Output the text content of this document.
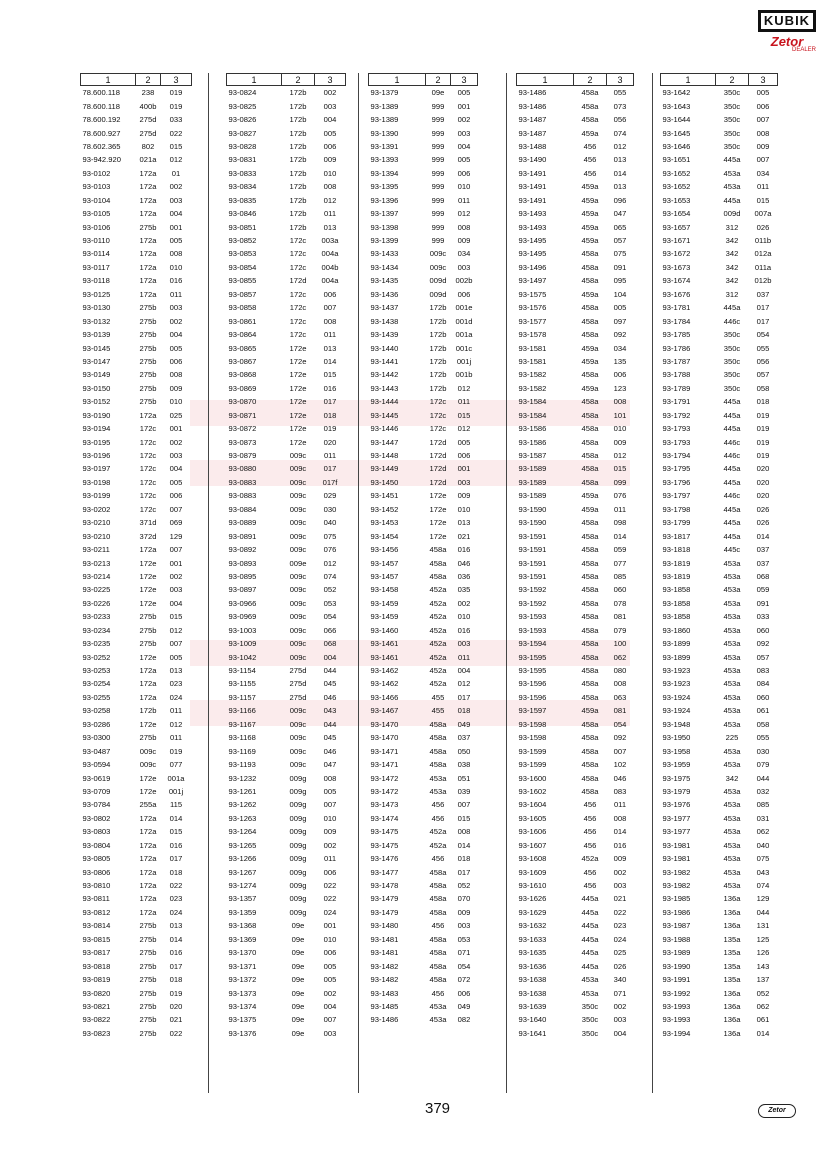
KUBIK
Zetor
DEALER
1	2	3
78.600.118	238	019
78.600.118	400b	019
78.600.192	275d	033
78.600.927	275d	022
78.602.365	802	015
93-942.920	021a	012
93-0102	172a	01
93-0103	172a	002
93-0104	172a	003
93-0105	172a	004
93-0106	275b	001
93-0110	172a	005
93-0114	172a	008
93-0117	172a	010
93-0118	172a	016
93-0125	172a	011
93-0130	275b	003
93-0132	275b	002
93-0139	275b	004
93-0145	275b	005
93-0147	275b	006
93-0149	275b	008
93-0150	275b	009
93-0152	275b	010
93-0190	172a	025
93-0194	172c	001
93-0195	172c	002
93-0196	172c	003
93-0197	172c	004
93-0198	172c	005
93-0199	172c	006
93-0202	172c	007
93-0210	371d	069
93-0210	372d	129
93-0211	172a	007
93-0213	172e	001
93-0214	172e	002
93-0225	172e	003
93-0226	172e	004
93-0233	275b	015
93-0234	275b	012
93-0235	275b	007
93-0252	172e	005
93-0253	172a	013
93-0254	172a	023
93-0255	172a	024
93-0258	172b	011
93-0286	172e	012
93-0300	275b	011
93-0487	009c	019
93-0594	009c	077
93-0619	172e	001a
93-0709	172e	001j
93-0784	255a	115
93-0802	172a	014
93-0803	172a	015
93-0804	172a	016
93-0805	172a	017
93-0806	172a	018
93-0810	172a	022
93-0811	172a	023
93-0812	172a	024
93-0814	275b	013
93-0815	275b	014
93-0817	275b	016
93-0818	275b	017
93-0819	275b	018
93-0820	275b	019
93-0821	275b	020
93-0822	275b	021
93-0823	275b	022
1	2	3
93-0824	172b	002
93-0825	172b	003
93-0826	172b	004
93-0827	172b	005
93-0828	172b	006
93-0831	172b	009
93-0833	172b	010
93-0834	172b	008
93-0835	172b	012
93-0846	172b	011
93-0851	172b	013
93-0852	172c	003a
93-0853	172c	004a
93-0854	172c	004b
93-0855	172d	004a
93-0857	172c	006
93-0858	172c	007
93-0861	172c	008
93-0864	172c	011
93-0865	172e	013
93-0867	172e	014
93-0868	172e	015
93-0869	172e	016
93-0870	172e	017
93-0871	172e	018
93-0872	172e	019
93-0873	172e	020
93-0879	009c	011
93-0880	009c	017
93-0883	009c	017f
93-0883	009c	029
93-0884	009c	030
93-0889	009c	040
93-0891	009c	075
93-0892	009c	076
93-0893	009e	012
93-0895	009c	074
93-0897	009c	052
93-0966	009c	053
93-0969	009c	054
93-1003	009c	066
93-1009	009c	068
93-1042	009c	004
93-1154	275d	044
93-1155	275d	045
93-1157	275d	046
93-1166	009c	043
93-1167	009c	044
93-1168	009c	045
93-1169	009c	046
93-1193	009c	047
93-1232	009g	008
93-1261	009g	005
93-1262	009g	007
93-1263	009g	010
93-1264	009g	009
93-1265	009g	002
93-1266	009g	011
93-1267	009g	006
93-1274	009g	022
93-1357	009g	022
93-1359	009g	024
93-1368	09e	001
93-1369	09e	010
93-1370	09e	006
93-1371	09e	005
93-1372	09e	005
93-1373	09e	002
93-1374	09e	004
93-1375	09e	007
93-1376	09e	003
1	2	3
93-1379	09e	005
93-1389	999	001
93-1389	999	002
93-1390	999	003
93-1391	999	004
93-1393	999	005
93-1394	999	006
93-1395	999	010
93-1396	999	011
93-1397	999	012
93-1398	999	008
93-1399	999	009
93-1433	009c	034
93-1434	009c	003
93-1435	009d	002b
93-1436	009d	006
93-1437	172b	001e
93-1438	172b	001d
93-1439	172b	001a
93-1440	172b	001c
93-1441	172b	001j
93-1442	172b	001b
93-1443	172b	012
93-1444	172c	011
93-1445	172c	015
93-1446	172c	012
93-1447	172d	005
93-1448	172d	006
93-1449	172d	001
93-1450	172d	003
93-1451	172e	009
93-1452	172e	010
93-1453	172e	013
93-1454	172e	021
93-1456	458a	016
93-1457	458a	046
93-1457	458a	036
93-1458	452a	035
93-1459	452a	002
93-1459	452a	010
93-1460	452a	016
93-1461	452a	003
93-1461	452a	011
93-1462	452a	004
93-1462	452a	012
93-1466	455	017
93-1467	455	018
93-1470	458a	049
93-1470	458a	037
93-1471	458a	050
93-1471	458a	038
93-1472	453a	051
93-1472	453a	039
93-1473	456	007
93-1474	456	015
93-1475	452a	008
93-1475	452a	014
93-1476	456	018
93-1477	458a	017
93-1478	458a	052
93-1479	458a	070
93-1479	458a	009
93-1480	456	003
93-1481	458a	053
93-1481	458a	071
93-1482	458a	054
93-1482	458a	072
93-1483	456	006
93-1485	453a	049
93-1486	453a	082
1	2	3
93-1486	458a	055
93-1486	458a	073
93-1487	458a	056
93-1487	459a	074
93-1488	456	012
93-1490	456	013
93-1491	456	014
93-1491	459a	013
93-1491	459a	096
93-1493	459a	047
93-1493	459a	065
93-1495	459a	057
93-1495	458a	075
93-1496	458a	091
93-1497	458a	095
93-1575	459a	104
93-1576	458a	005
93-1577	458a	097
93-1578	458a	092
93-1581	459a	034
93-1581	459a	135
93-1582	458a	006
93-1582	459a	123
93-1584	458a	008
93-1584	458a	101
93-1586	458a	010
93-1586	458a	009
93-1587	458a	012
93-1589	458a	015
93-1589	458a	099
93-1589	459a	076
93-1590	459a	011
93-1590	458a	098
93-1591	458a	014
93-1591	458a	059
93-1591	458a	077
93-1591	458a	085
93-1592	458a	060
93-1592	458a	078
93-1593	458a	081
93-1593	458a	079
93-1594	458a	100
93-1595	458a	062
93-1595	458a	080
93-1596	458a	008
93-1596	458a	063
93-1597	459a	081
93-1598	458a	054
93-1598	458a	092
93-1599	458a	007
93-1599	458a	102
93-1600	458a	046
93-1602	458a	083
93-1604	456	011
93-1605	456	008
93-1606	456	014
93-1607	456	016
93-1608	452a	009
93-1609	456	002
93-1610	456	003
93-1626	445a	021
93-1629	445a	022
93-1632	445a	023
93-1633	445a	024
93-1635	445a	025
93-1636	445a	026
93-1638	453a	340
93-1638	453a	071
93-1639	350c	002
93-1640	350c	003
93-1641	350c	004
1	2	3
93-1642	350c	005
93-1643	350c	006
93-1644	350c	007
93-1645	350c	008
93-1646	350c	009
93-1651	445a	007
93-1652	453a	034
93-1652	453a	011
93-1653	445a	015
93-1654	009d	007a
93-1657	312	026
93-1671	342	011b
93-1672	342	012a
93-1673	342	011a
93-1674	342	012b
93-1676	312	037
93-1781	445a	017
93-1784	446c	017
93-1785	350c	054
93-1786	350c	055
93-1787	350c	056
93-1788	350c	057
93-1789	350c	058
93-1791	445a	018
93-1792	445a	019
93-1793	445a	019
93-1793	446c	019
93-1794	446c	019
93-1795	445a	020
93-1796	445a	020
93-1797	446c	020
93-1798	445a	026
93-1799	445a	026
93-1817	445a	014
93-1818	445c	037
93-1819	453a	037
93-1819	453a	068
93-1858	453a	059
93-1858	453a	091
93-1858	453a	033
93-1860	453a	060
93-1899	453a	092
93-1899	453a	057
93-1923	453a	083
93-1923	453a	084
93-1924	453a	060
93-1924	453a	061
93-1948	453a	058
93-1950	225	055
93-1958	453a	030
93-1959	453a	079
93-1975	342	044
93-1979	453a	032
93-1976	453a	085
93-1977	453a	031
93-1977	453a	062
93-1981	453a	040
93-1981	453a	075
93-1982	453a	043
93-1982	453a	074
93-1985	136a	129
93-1986	136a	044
93-1987	136a	131
93-1988	135a	125
93-1989	135a	126
93-1990	135a	143
93-1991	135a	137
93-1992	136a	052
93-1993	136a	062
93-1993	136a	061
93-1994	136a	014
379	Zetor
